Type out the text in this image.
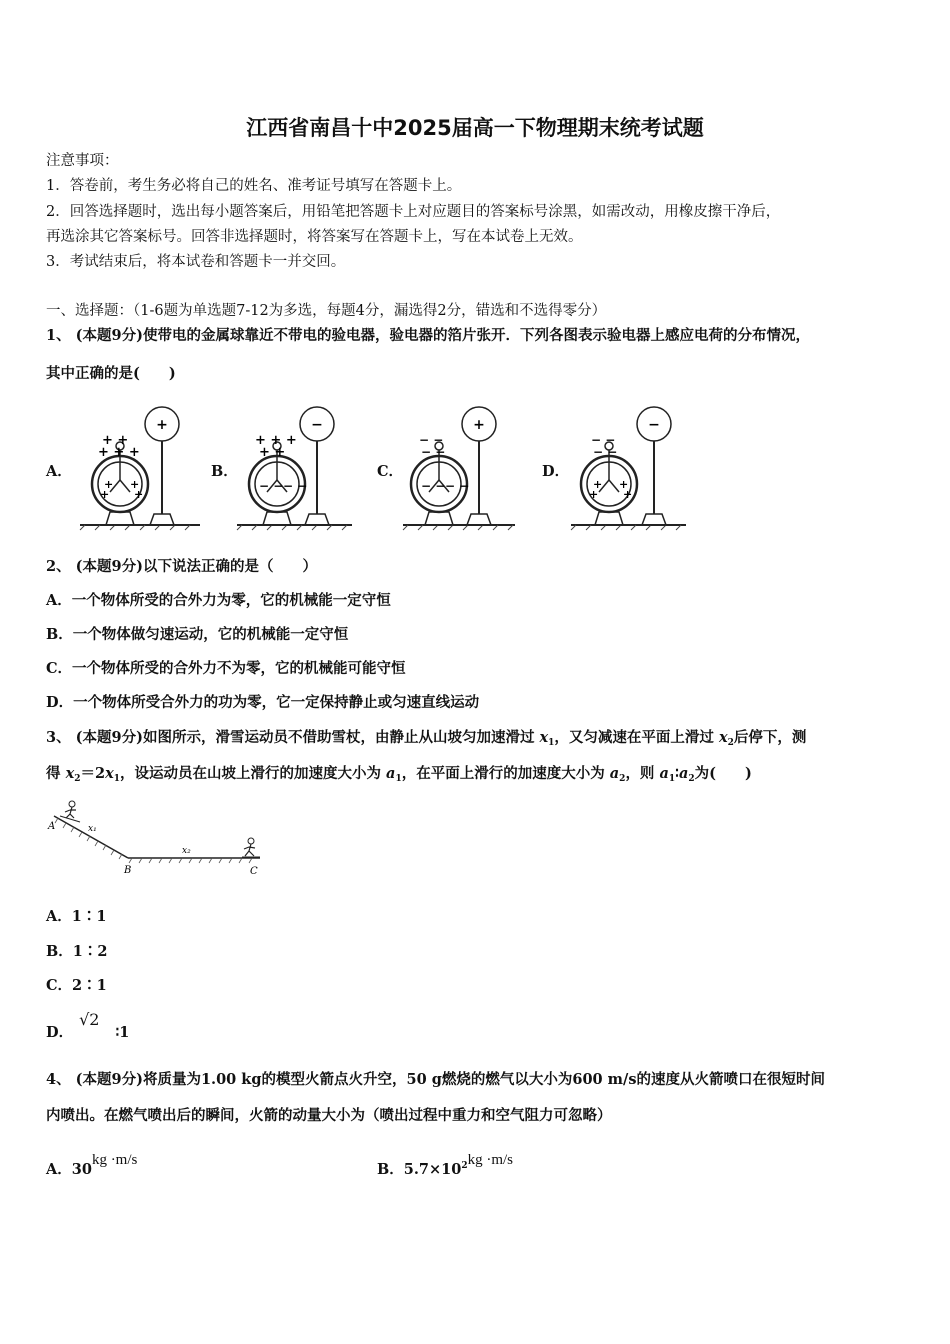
江西省南昌十中2025届高一下物理期末统考试题
注意事项：
1．答卷前，考生务必将自己的姓名、准考证号填写在答题卡上。
2．回答选择题时，选出每小题答案后，用铅笔把答题卡上对应题目的答案标号涂黑，如需改动，用橡皮擦干净后，
再选涂其它答案标号。回答非选择题时，将答案写在答题卡上，写在本试卷上无效。
3．考试结束后，将本试卷和答题卡一并交回。
一、选择题：（1-6题为单选题7-12为多选，每题4分，漏选得2分，错选和不选得零分）
1、 (本题9分)使带电的金属球靠近不带电的验电器，验电器的箔片张开．下列各图表示验电器上感应电荷的分布情况，
其中正确的是(　　)
A．	B．	C．	D．
+ +
+ + +
+ +
+ +
+
+ + +
+ +
− − − −
−
− −
− −
− − − −
+
− −
− −
+ +
+ +
−
2、 (本题9分)以下说法正确的是（　　）
A．一个物体所受的合外力为零，它的机械能一定守恒
B．一个物体做匀速运动，它的机械能一定守恒
C．一个物体所受的合外力不为零，它的机械能可能守恒
D．一个物体所受合外力的功为零，它一定保持静止或匀速直线运动
3、 (本题9分)如图所示，滑雪运动员不借助雪杖，由静止从山坡匀加速滑过 $x_1$，又匀减速在平面上滑过 $x_2$后停下，测
得 $x_2=2x_1$，设运动员在山坡上滑行的加速度大小为 $a_1$，在平面上滑行的加速度大小为 $a_2$，则 $a_1∶a_2$为(　　)
A
B	C
x₁
x₂
A．1∶1
B．1∶2
C．2∶1
D．√2∶1
4、 (本题9分)将质量为1.00 kg的模型火箭点火升空，50 g燃烧的燃气以大小为600 m/s的速度从火箭喷口在很短时间
内喷出。在燃气喷出后的瞬间，火箭的动量大小为（喷出过程中重力和空气阻力可忽略）
A．30kg ·m/s
B．$5.7\times 10^2kg \cdot m/s$
